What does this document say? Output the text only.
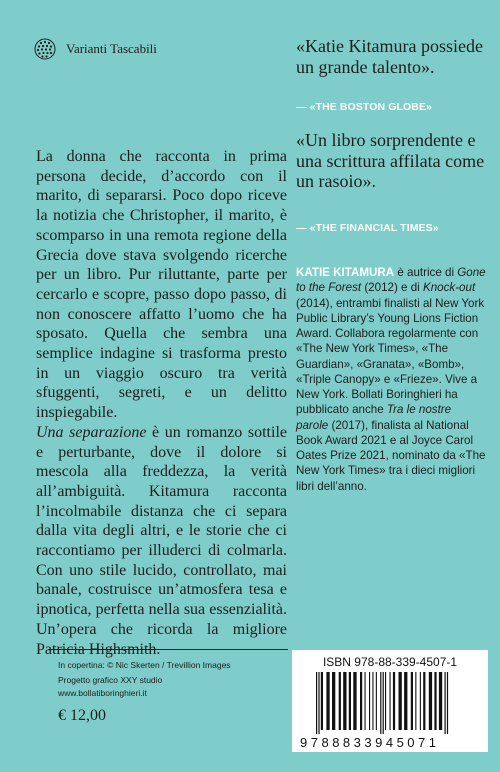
Varianti Tascabili	«Katie Kitamura possiede un grande talento».
— «THE BOSTON GLOBE»
«Un libro sorprendente e una scrittura affilata come un rasoio».
— «THE FINANCIAL TIMES»
La donna che racconta in prima persona decide, d’accordo con il marito, di separarsi. Poco dopo riceve la notizia che Christopher, il marito, è scomparso in una remota regione della Grecia dove stava svolgendo ricerche per un libro. Pur riluttante, parte per cercarlo e scopre, passo dopo passo, di non conoscere affatto l’uomo che ha sposato. Quella che sembra una semplice indagine si trasforma presto in un viaggio oscuro tra verità sfuggenti, segreti, e un delitto inspiegabile.
Una separazione è un romanzo sottile e perturbante, dove il dolore si mescola alla freddezza, la verità all’ambiguità. Kitamura racconta l’incolmabile distanza che ci separa dalla vita degli altri, e le storie che ci raccontiamo per illuderci di colmarla. Con uno stile lucido, controllato, mai banale, costruisce un’atmosfera tesa e ipnotica, perfetta nella sua essenzialità. Un’opera che ricorda la migliore Patricia Highsmith.
KATIE KITAMURA è autrice di Gone to the Forest (2012) e di Knock-out (2014), entrambi finalisti al New York Public Library’s Young Lions Fiction Award. Collabora regolarmente con «The New York Times», «The Guardian», «Granata», «Bomb», «Triple Canopy» e «Frieze». Vive a New York. Bollati Boringhieri ha pubblicato anche Tra le nostre parole (2017), finalista al National Book Award 2021 e al Joyce Carol Oates Prize 2021, nominato da «The New York Times» tra i dieci migliori libri dell’anno.
In copertina: © Nic Skerten / Trevillion Images
Progetto grafico XXY studio
www.bollatiboringhieri.it
€ 12,00
ISBN 978-88-339-4507-1
9788833945071
